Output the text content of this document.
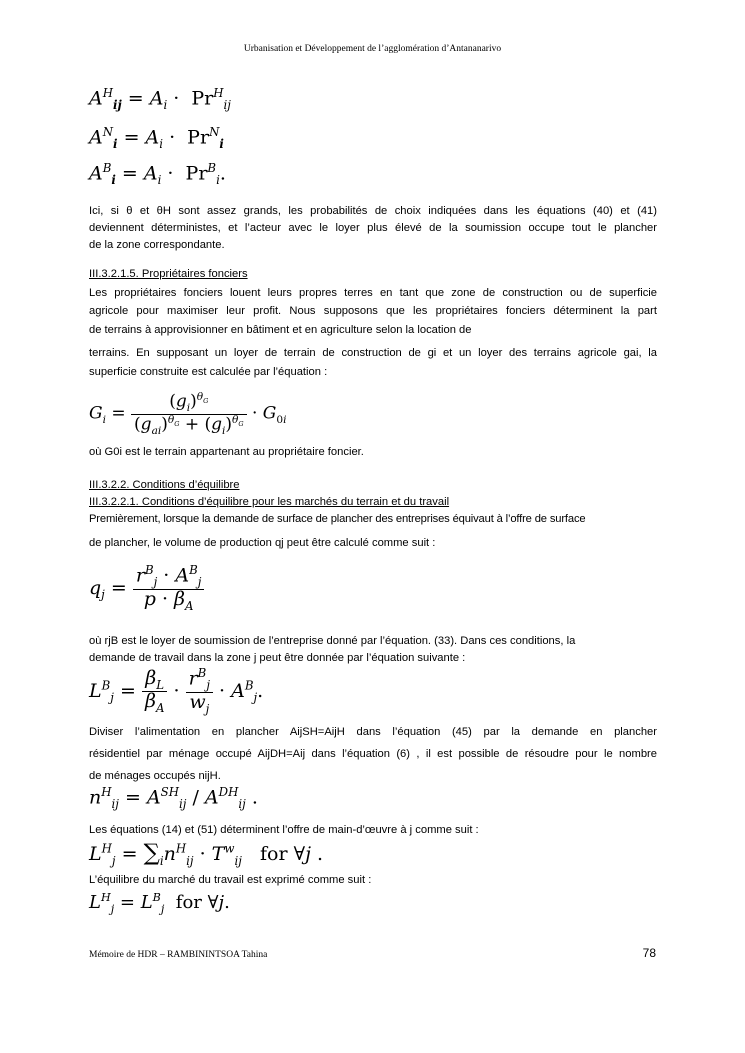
Urbanisation et Développement de l’agglomération d’Antananarivo
$A^H_{ij} = A_i \cdot Pr^H_{ij}$
$A^N_i = A_i \cdot Pr^N_i$
$A^B_i = A_i \cdot Pr^B_i$.
Ici, si θ et θH sont assez grands, les probabilités de choix indiquées dans les équations (40) et (41)
deviennent déterministes, et l’acteur avec le loyer plus élevé de la soumission occupe tout le plancher
de la zone correspondante.
III.3.2.1.5. Propriétaires fonciers
Les propriétaires fonciers louent leurs propres terres en tant que zone de construction ou de superficie
agricole pour maximiser leur profit. Nous supposons que les propriétaires fonciers déterminent la part
de terrains à approvisionner en bâtiment et en agriculture selon la location de
terrains. En supposant un loyer de terrain de construction de gi et un loyer des terrains agricole gai, la
superficie construite est calculée par l’équation :
$G_i = \frac{(g_i)^{\theta_G}}{(g_{ai})^{\theta_G} + (g_i)^{\theta_G}} \cdot G_{0i}$
où G0i est le terrain appartenant au propriétaire foncier.
III.3.2.2. Conditions d’équilibre
III.3.2.2.1. Conditions d’équilibre pour les marchés du terrain et du travail
Premièrement, lorsque la demande de surface de plancher des entreprises équivaut à l’offre de surface
de plancher, le volume de production qj peut être calculé comme suit :
$q_j = \frac{r^B_j \cdot A^B_j}{p \cdot \beta_A}$
où rjB est le loyer de soumission de l’entreprise donné par l’équation. (33). Dans ces conditions, la
demande de travail dans la zone j peut être donnée par l’équation suivante :
$L^B_j = \frac{\beta_L}{\beta_A} \cdot \frac{r^B_j}{w_j} \cdot A^B_j$.
Diviser l’alimentation en plancher AijSH=AijH dans l’équation (45) par la demande en plancher
résidentiel par ménage occupé AijDH=Aij dans l’équation (6) , il est possible de résoudre pour le nombre
de ménages occupés nijH.
$n^H_{ij} = A^{SH}_{ij} / A^{DH}_{ij}$ .
Les équations (14) et (51) déterminent l’offre de main-d’œuvre à j comme suit :
$L^H_j = \sum_in^H_{ij} \cdot T^w_{ij}$ for ∀j .
L’équilibre du marché du travail est exprimé comme suit :
$L^H_j = L^B_j$ for ∀j.
Mémoire de HDR – RAMBININTSOA Tahina	78
